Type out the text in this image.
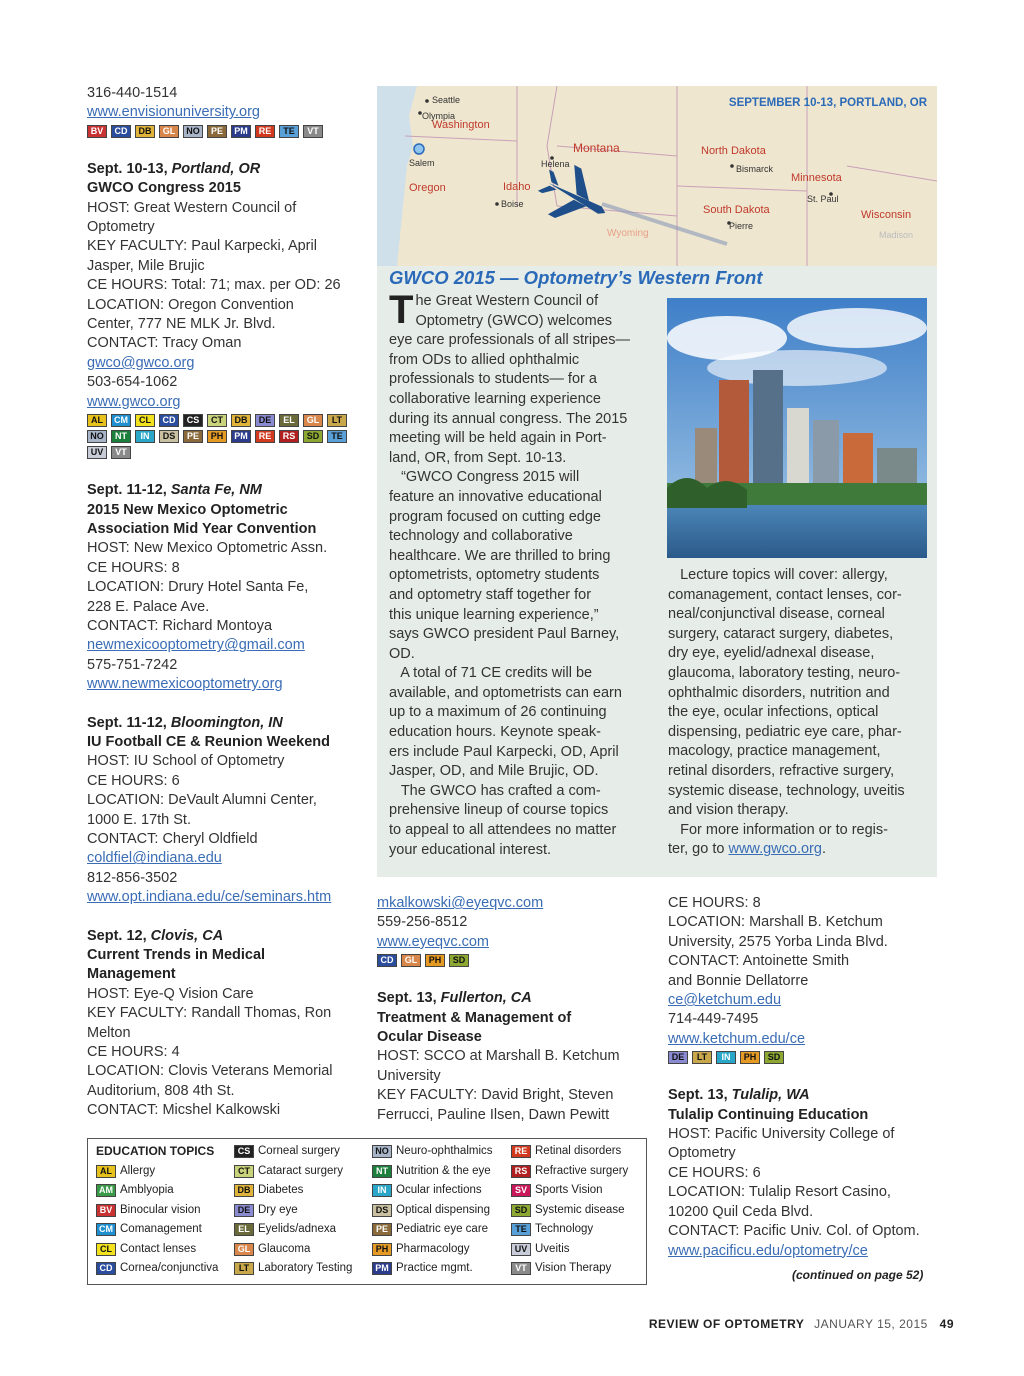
316-440-1514
www.envisionuniversity.org
BV	CD	DB	GL	NO	PE	PM	RE	TE	VT
Sept. 10-13, Portland, OR
GWCO Congress 2015
HOST: Great Western Council of
Optometry
KEY FACULTY: Paul Karpecki, April
Jasper, Mile Brujic
CE HOURS: Total: 71; max. per OD: 26
LOCATION: Oregon Convention
Center, 777 NE MLK Jr. Blvd.
CONTACT: Tracy Oman
gwco@gwco.org
503-654-1062
www.gwco.org
AL	CM	CL	CD	CS	CT	DB	DE	EL	GL	LT
NO	NT	IN	DS	PE	PH	PM	RE	RS	SD	TE
UV	VT
Sept. 11-12, Santa Fe, NM
2015 New Mexico Optometric
Association Mid Year Convention
HOST: New Mexico Optometric Assn.
CE HOURS: 8
LOCATION: Drury Hotel Santa Fe,
228 E. Palace Ave.
CONTACT: Richard Montoya
newmexicooptometry@gmail.com
575-751-7242
www.newmexicooptometry.org
Sept. 11-12, Bloomington, IN
IU Football CE & Reunion Weekend
HOST: IU School of Optometry
CE HOURS: 6
LOCATION: DeVault Alumni Center,
1000 E. 17th St.
CONTACT: Cheryl Oldfield
coldfiel@indiana.edu
812-856-3502
www.opt.indiana.edu/ce/seminars.htm
Sept. 12, Clovis, CA
Current Trends in Medical
Management
HOST: Eye-Q Vision Care
KEY FACULTY: Randall Thomas, Ron
Melton
CE HOURS: 4
LOCATION: Clovis Veterans Memorial
Auditorium, 808 4th St.
CONTACT: Micshel Kalkowski
mkalkowski@eyeqvc.com
559-256-8512
www.eyeqvc.com
CD	GL	PH	SD
Sept. 13, Fullerton, CA
Treatment & Management of
Ocular Disease
HOST: SCCO at Marshall B. Ketchum
University
KEY FACULTY: David Bright, Steven
Ferrucci, Pauline Ilsen, Dawn Pewitt
CE HOURS: 8
LOCATION: Marshall B. Ketchum
University, 2575 Yorba Linda Blvd.
CONTACT: Antoinette Smith
and Bonnie Dellatorre
ce@ketchum.edu
714-449-7495
www.ketchum.edu/ce
DE	LT	IN	PH	SD
Sept. 13, Tulalip, WA
Tulalip Continuing Education
HOST: Pacific University College of
Optometry
CE HOURS: 6
LOCATION: Tulalip Resort Casino,
10200 Quil Ceda Blvd.
CONTACT: Pacific Univ. Col. of Optom.
www.pacificu.edu/optometry/ce
(continued on page 52)
SEPTEMBER 10-13, PORTLAND, OR
Washington
Oregon	Idaho
Montana	North Dakota
South Dakota
Minnesota
Wisconsin
Wyoming	Madison
Seattle
Olympia
Salem	Helena
Boise
Bismarck
Pierre
St. Paul
GWCO 2015 — Optometry’s Western Front
T he Great Western Council of
Optometry (GWCO) welcomes
eye care professionals of all stripes—
from ODs to allied ophthalmic
professionals to students— for a
collaborative learning experience
during its annual congress. The 2015
meeting will be held again in Port-
land, OR, from Sept. 10-13.
“GWCO Congress 2015 will
feature an innovative educational
program focused on cutting edge
technology and collaborative
healthcare. We are thrilled to bring
optometrists, optometry students
and optometry staff together for
this unique learning experience,”
says GWCO president Paul Barney,
OD.
A total of 71 CE credits will be
available, and optometrists can earn
up to a maximum of 26 continuing
education hours. Keynote speak-
ers include Paul Karpecki, OD, April
Jasper, OD, and Mile Brujic, OD.
The GWCO has crafted a com-
prehensive lineup of course topics
to appeal to all attendees no matter
your educational interest.
Lecture topics will cover: allergy,
comanagement, contact lenses, cor-
neal/conjunctival disease, corneal
surgery, cataract surgery, diabetes,
dry eye, eyelid/adnexal disease,
glaucoma, laboratory testing, neuro-
ophthalmic disorders, nutrition and
the eye, ocular infections, optical
dispensing, pediatric eye care, phar-
macology, practice management,
retinal disorders, refractive surgery,
systemic disease, technology, uveitis
and vision therapy.
For more information or to regis-
ter, go to www.gwco.org.
EDUCATION TOPICS
AL Allergy
AM Amblyopia
BV Binocular vision
CM Comanagement
CL Contact lenses
CD Cornea/conjunctiva
CS Corneal surgery
CT Cataract surgery
DB Diabetes
DE Dry eye
EL Eyelids/adnexa
GL Glaucoma
LT Laboratory Testing
NO Neuro-ophthalmics
NT Nutrition & the eye
IN Ocular infections
DS Optical dispensing
PE Pediatric eye care
PH Pharmacology
PM Practice mgmt.
RE Retinal disorders
RS Refractive surgery
SV Sports Vision
SD Systemic disease
TE Technology
UV Uveitis
VT Vision Therapy
REVIEW OF OPTOMETRY JANUARY 15, 2015 49
